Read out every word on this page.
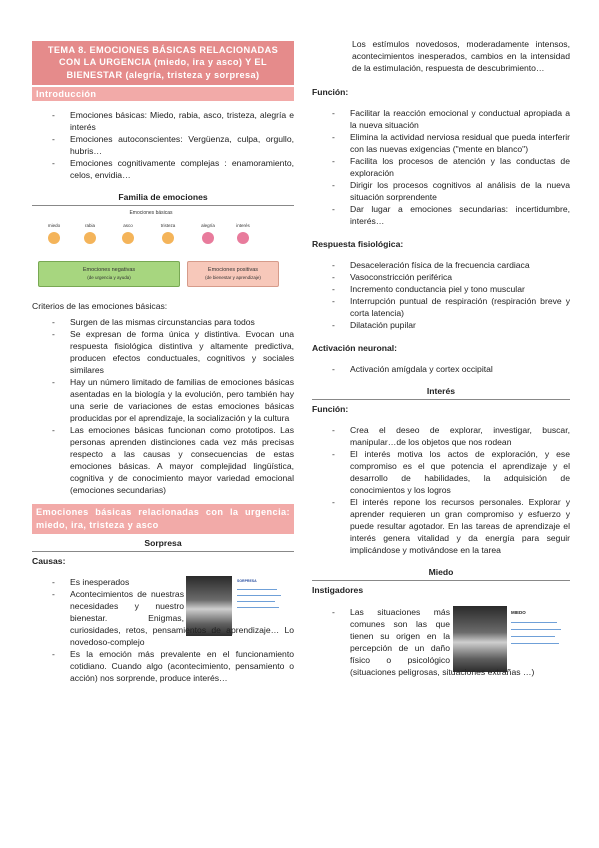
TEMA 8. EMOCIONES BÁSICAS RELACIONADAS CON LA URGENCIA (miedo, ira y asco) Y EL BIENESTAR (alegría, tristeza y sorpresa)
Introducción
- Emociones básicas: Miedo, rabia, asco, tristeza, alegría e interés
- Emociones autoconscientes: Vergüenza, culpa, orgullo, hubris…
- Emociones cognitivamente complejas : enamoramiento, celos, envidia…

Familia de emociones

Emociones básicas
miedo	rabia	asco	tristeza	alegría	interés
Emociones negativas
(de urgencia y ayuda)
Emociones positivas
(de bienestar y aprendizaje)

Criterios de las emociones básicas:

- Surgen de las mismas circunstancias para todos
- Se expresan de forma única y distintiva. Evocan una respuesta fisiológica distintiva y altamente predictiva, producen efectos conductuales, cognitivos y sociales similares
- Hay un número limitado de familias de emociones básicas asentadas en la biología y la evolución, pero también hay una serie de variaciones de estas emociones básicas producidas por el aprendizaje, la socialización y la cultura
- Las emociones básicas funcionan como prototipos. Las personas aprenden distinciones cada vez más precisas respecto a las causas y consecuencias de estas emociones básicas. A mayor complejidad lingüística, cognitiva y de conocimiento mayor variedad emocional (emociones secundarias)
Emociones básicas relacionadas con la urgencia: miedo, ira, tristeza y asco

Sorpresa

Causas:

SORPRESA
- Es inesperados
- Acontecimientos de nuestras necesidades y nuestro bienestar. Enigmas, curiosidades, retos, pensamientos de aprendizaje… Lo novedoso-complejo
- Es la emoción más prevalente en el funcionamiento cotidiano. Cuando algo (acontecimiento, pensamiento o acción) nos sorprende, produce interés…

Los estímulos novedosos, moderadamente intensos, acontecimientos inesperados, cambios en la intensidad de la estimulación, respuesta de descubrimiento…

Función:

- Facilitar la reacción emocional y conductual apropiada a la nueva situación
- Elimina la actividad nerviosa residual que pueda interferir con las nuevas exigencias ("mente en blanco")
- Facilita los procesos de atención y las conductas de exploración
- Dirigir los procesos cognitivos al análisis de la nueva situación sorprendente
- Dar lugar a emociones secundarias: incertidumbre, interés…

Respuesta fisiológica:

- Desaceleración física de la frecuencia cardiaca
- Vasoconstricción periférica
- Incremento conductancia piel y tono muscular
- Interrupción puntual de respiración (respiración breve y corta latencia)
- Dilatación pupilar

Activación neuronal:

- Activación amígdala y cortex occipital

Interés

Función:

- Crea el deseo de explorar, investigar, buscar, manipular…de los objetos que nos rodean
- El interés motiva los actos de exploración, y ese compromiso es el que potencia el aprendizaje y el desarrollo de habilidades, la adquisición de conocimientos y los logros
- El interés repone los recursos personales. Explorar y aprender requieren un gran compromiso y esfuerzo y puede resultar agotador. En las tareas de aprendizaje el interés genera vitalidad y da energía para seguir implicándose y motivándose en la tarea

Miedo

Instigadores

MIEDO
-
Las situaciones más comunes son las que tienen su origen en la percepción de un daño físico o psicológico (situaciones peligrosas, situaciones extrañas …)
